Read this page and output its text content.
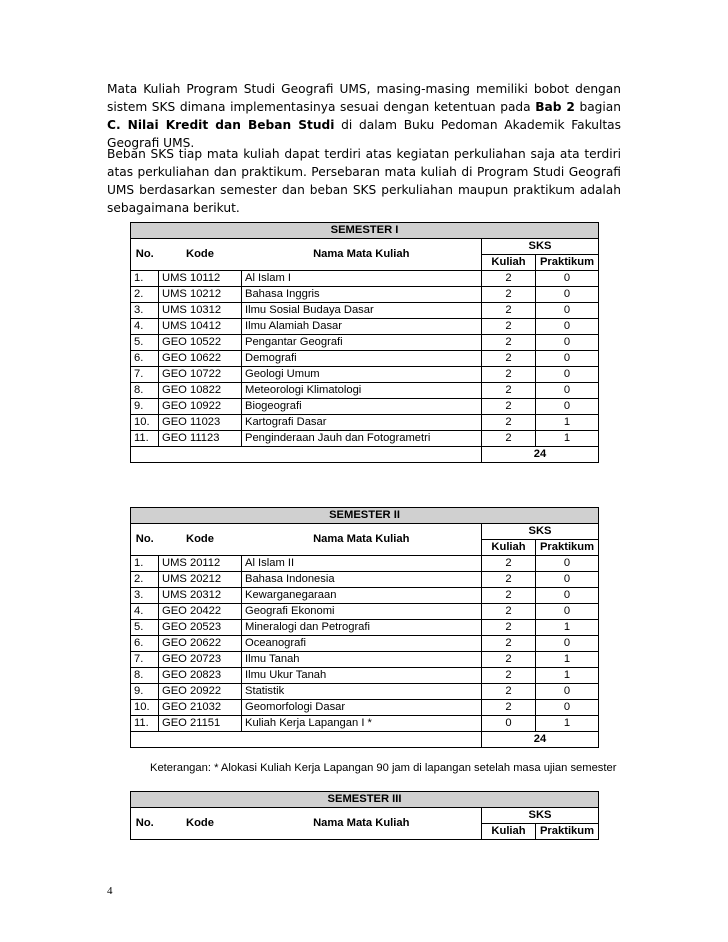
Mata Kuliah Program Studi Geografi UMS, masing-masing memiliki bobot dengan sistem SKS dimana implementasinya sesuai dengan ketentuan pada Bab 2 bagian C. Nilai Kredit dan Beban Studi di dalam Buku Pedoman Akademik Fakultas Geografi UMS.

Beban SKS tiap mata kuliah dapat terdiri atas kegiatan perkuliahan saja ata terdiri atas perkuliahan dan praktikum. Persebaran mata kuliah di Program Studi Geografi UMS berdasarkan semester dan beban SKS perkuliahan maupun praktikum adalah sebagaimana berikut.

SEMESTER I				
No.	Kode	Nama Mata Kuliah	SKS	
			Kuliah	Praktikum
1.	UMS 10112	Al Islam I	2	0
2.	UMS 10212	Bahasa Inggris	2	0
3.	UMS 10312	Ilmu Sosial Budaya Dasar	2	0
4.	UMS 10412	Ilmu Alamiah Dasar	2	0
5.	GEO 10522	Pengantar Geografi	2	0
6.	GEO 10622	Demografi	2	0
7.	GEO 10722	Geologi Umum	2	0
8.	GEO 10822	Meteorologi Klimatologi	2	0
9.	GEO 10922	Biogeografi	2	0
10.	GEO 11023	Kartografi Dasar	2	1
11.	GEO 11123	Penginderaan Jauh dan Fotogrametri	2	1
			24	
SEMESTER II				
No.	Kode	Nama Mata Kuliah	SKS	
			Kuliah	Praktikum
1.	UMS 20112	Al Islam II	2	0
2.	UMS 20212	Bahasa Indonesia	2	0
3.	UMS 20312	Kewarganegaraan	2	0
4.	GEO 20422	Geografi Ekonomi	2	0
5.	GEO 20523	Mineralogi dan Petrografi	2	1
6.	GEO 20622	Oceanografi	2	0
7.	GEO 20723	Ilmu Tanah	2	1
8.	GEO 20823	Ilmu Ukur Tanah	2	1
9.	GEO 20922	Statistik	2	0
10.	GEO 21032	Geomorfologi Dasar	2	0
11.	GEO 21151	Kuliah Kerja Lapangan I *	0	1
			24	
Keterangan: * Alokasi Kuliah Kerja Lapangan 90 jam di lapangan setelah masa ujian semester
SEMESTER III				
No.	Kode	Nama Mata Kuliah	SKS	
			Kuliah	Praktikum
4
